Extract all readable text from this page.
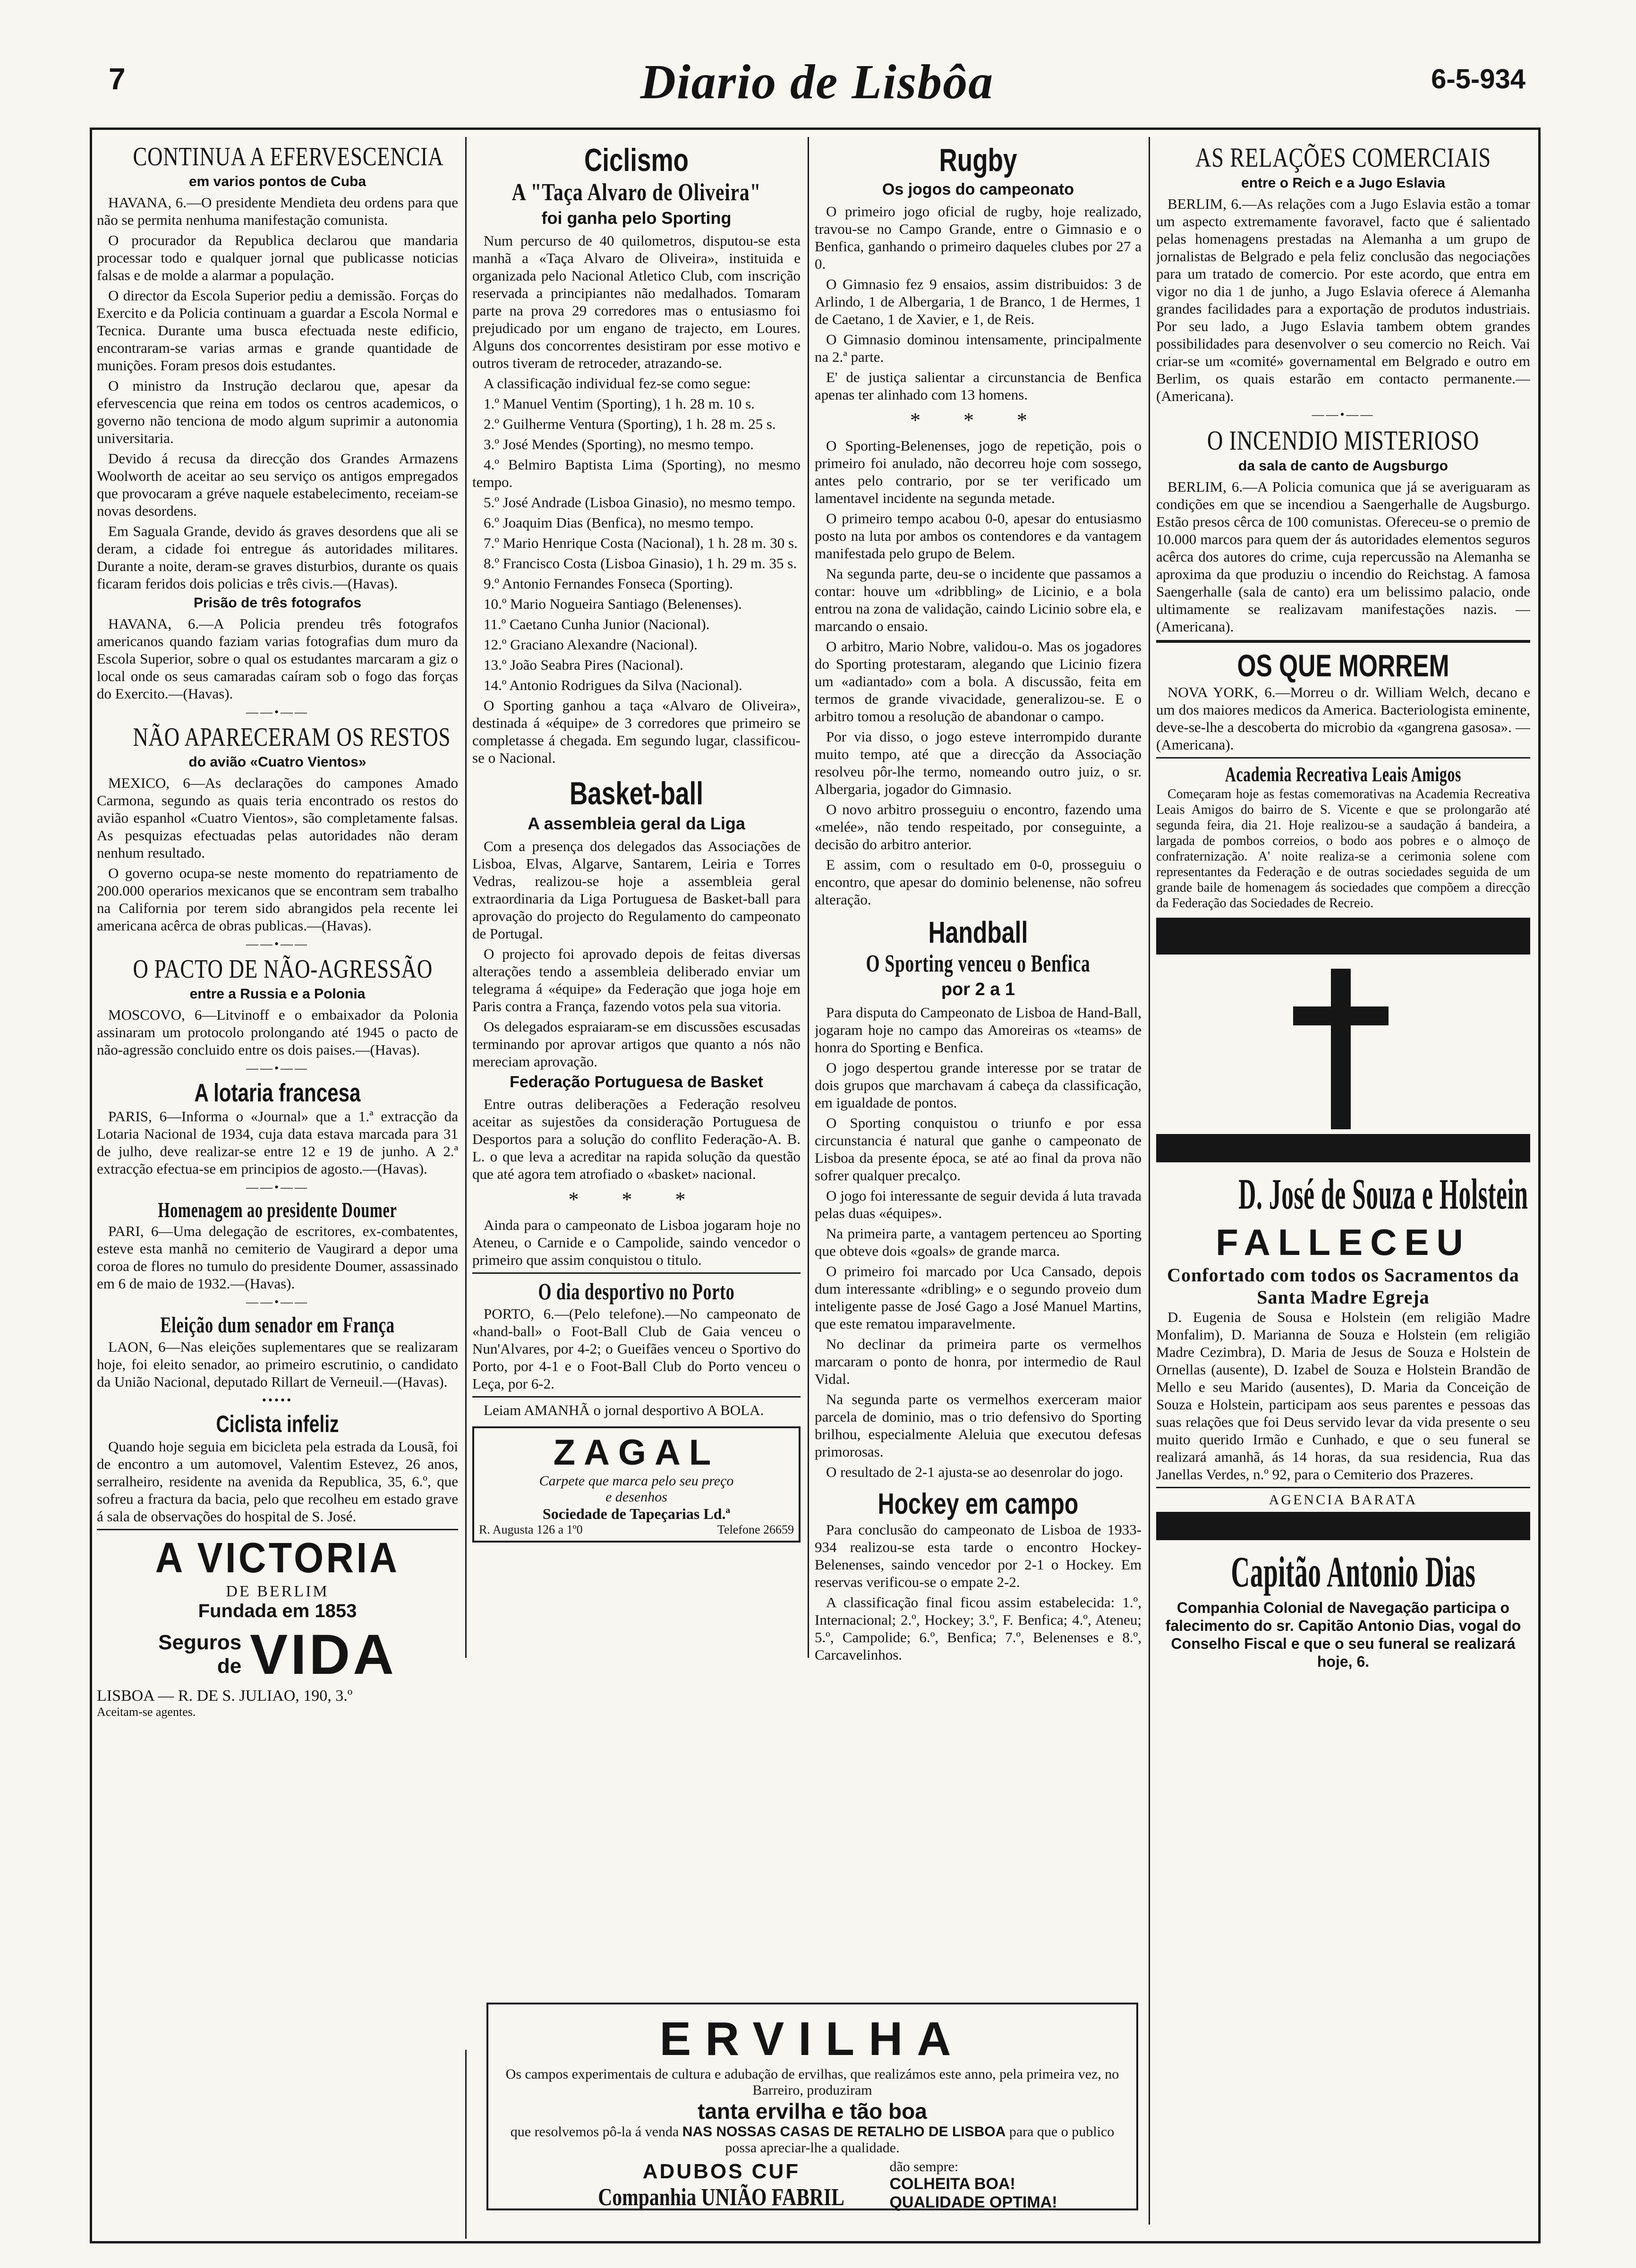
7	Diario de Lisbôa	6-5-934
CONTINUA A EFERVESCENCIA
em varios pontos de Cuba

HAVANA, 6.—O presidente Mendieta deu ordens para que não se permita nenhuma manifestação comunista.

O procurador da Republica declarou que mandaria processar todo e qualquer jornal que publicasse noticias falsas e de molde a alarmar a população.

O director da Escola Superior pediu a demissão. Forças do Exercito e da Policia continuam a guardar a Escola Normal e Tecnica. Durante uma busca efectuada neste edificio, encontraram-se varias armas e grande quantidade de munições. Foram presos dois estudantes.

O ministro da Instrução declarou que, apesar da efervescencia que reina em todos os centros academicos, o governo não tenciona de modo algum suprimir a autonomia universitaria.

Devido á recusa da direcção dos Grandes Armazens Woolworth de aceitar ao seu serviço os antigos empregados que provocaram a gréve naquele estabelecimento, receiam-se novas desordens.

Em Saguala Grande, devido ás graves desordens que ali se deram, a cidade foi entregue ás autoridades militares. Durante a noite, deram-se graves disturbios, durante os quais ficaram feridos dois policias e três civis.—(Havas).

Prisão de três fotografos

HAVANA, 6.—A Policia prendeu três fotografos americanos quando faziam varias fotografias dum muro da Escola Superior, sobre o qual os estudantes marcaram a giz o local onde os seus camaradas caíram sob o fogo das forças do Exercito.—(Havas).

——•——
NÃO APARECERAM OS RESTOS
do avião «Cuatro Vientos»

MEXICO, 6—As declarações do campones Amado Carmona, segundo as quais teria encontrado os restos do avião espanhol «Cuatro Vientos», são completamente falsas. As pesquizas efectuadas pelas autoridades não deram nenhum resultado.

O governo ocupa-se neste momento do repatriamento de 200.000 operarios mexicanos que se encontram sem trabalho na California por terem sido abrangidos pela recente lei americana acêrca de obras publicas.—(Havas).

——•——
O PACTO DE NÃO-AGRESSÃO
entre a Russia e a Polonia

MOSCOVO, 6—Litvinoff e o embaixador da Polonia assinaram um protocolo prolongando até 1945 o pacto de não-agressão concluido entre os dois paises.—(Havas).

——•——
A lotaria francesa

PARIS, 6—Informa o «Journal» que a 1.ª extracção da Lotaria Nacional de 1934, cuja data estava marcada para 31 de julho, deve realizar-se entre 12 e 19 de junho. A 2.ª extracção efectua-se em principios de agosto.—(Havas).

——•——
Homenagem ao presidente Doumer

PARI, 6—Uma delegação de escritores, ex-combatentes, esteve esta manhã no cemiterio de Vaugirard a depor uma coroa de flores no tumulo do presidente Doumer, assassinado em 6 de maio de 1932.—(Havas).

——•——
Eleição dum senador em França

LAON, 6—Nas eleições suplementares que se realizaram hoje, foi eleito senador, ao primeiro escrutinio, o candidato da União Nacional, deputado Rillart de Verneuil.—(Havas).

•••••
Ciclista infeliz

Quando hoje seguia em bicicleta pela estrada da Lousã, foi de encontro a um automovel, Valentim Estevez, 26 anos, serralheiro, residente na avenida da Republica, 35, 6.º, que sofreu a fractura da bacia, pelo que recolheu em estado grave á sala de observações do hospital de S. José.

A VICTORIA
DE BERLIM
Fundada em 1853
Seguros
de VIDA
LISBOA — R. DE S. JULIAO, 190, 3.º
Aceitam-se agentes.
Ciclismo
A "Taça Alvaro de Oliveira"
foi ganha pelo Sporting

Num percurso de 40 quilometros, disputou-se esta manhã a «Taça Alvaro de Oliveira», instituida e organizada pelo Nacional Atletico Club, com inscrição reservada a principiantes não medalhados. Tomaram parte na prova 29 corredores mas o entusiasmo foi prejudicado por um engano de trajecto, em Loures. Alguns dos concorrentes desistiram por esse motivo e outros tiveram de retroceder, atrazando-se.

A classificação individual fez-se como segue:

1.º Manuel Ventim (Sporting), 1 h. 28 m. 10 s.

2.º Guilherme Ventura (Sporting), 1 h. 28 m. 25 s.

3.º José Mendes (Sporting), no mesmo tempo.

4.º Belmiro Baptista Lima (Sporting), no mesmo tempo.

5.º José Andrade (Lisboa Ginasio), no mesmo tempo.

6.º Joaquim Dias (Benfica), no mesmo tempo.

7.º Mario Henrique Costa (Nacional), 1 h. 28 m. 30 s.

8.º Francisco Costa (Lisboa Ginasio), 1 h. 29 m. 35 s.

9.º Antonio Fernandes Fonseca (Sporting).

10.º Mario Nogueira Santiago (Belenenses).

11.º Caetano Cunha Junior (Nacional).

12.º Graciano Alexandre (Nacional).

13.º João Seabra Pires (Nacional).

14.º Antonio Rodrigues da Silva (Nacional).

O Sporting ganhou a taça «Alvaro de Oliveira», destinada á «équipe» de 3 corredores que primeiro se completasse á chegada. Em segundo lugar, classificou-se o Nacional.

Basket-ball
A assembleia geral da Liga

Com a presença dos delegados das Associações de Lisboa, Elvas, Algarve, Santarem, Leiria e Torres Vedras, realizou-se hoje a assembleia geral extraordinaria da Liga Portuguesa de Basket-ball para aprovação do projecto do Regulamento do campeonato de Portugal.

O projecto foi aprovado depois de feitas diversas alterações tendo a assembleia deliberado enviar um telegrama á «équipe» da Federação que joga hoje em Paris contra a França, fazendo votos pela sua vitoria.

Os delegados espraiaram-se em discussões escusadas terminando por aprovar artigos que quanto a nós não mereciam aprovação.

Federação Portuguesa de Basket

Entre outras deliberações a Federação resolveu aceitar as sujestões da consideração Portuguesa de Desportos para a solução do conflito Federação-A. B. L. o que leva a acreditar na rapida solução da questão que até agora tem atrofiado o «basket» nacional.

* * *

Ainda para o campeonato de Lisboa jogaram hoje no Ateneu, o Carnide e o Campolide, saindo vencedor o primeiro que assim conquistou o titulo.

O dia desportivo no Porto

PORTO, 6.—(Pelo telefone).—No campeonato de «hand-ball» o Foot-Ball Club de Gaia venceu o Nun'Alvares, por 4-2; o Gueifães venceu o Sportivo do Porto, por 4-1 e o Foot-Ball Club do Porto venceu o Leça, por 6-2.

Leiam AMANHÃ o jornal desportivo A BOLA.

ZAGAL
Carpete que marca pelo seu preço
e desenhos
Sociedade de Tapeçarias Ld.ª
R. Augusta 126 a 1º0	Telefone 26659
Rugby
Os jogos do campeonato

O primeiro jogo oficial de rugby, hoje realizado, travou-se no Campo Grande, entre o Gimnasio e o Benfica, ganhando o primeiro daqueles clubes por 27 a 0.

O Gimnasio fez 9 ensaios, assim distribuidos: 3 de Arlindo, 1 de Albergaria, 1 de Branco, 1 de Hermes, 1 de Caetano, 1 de Xavier, e 1, de Reis.

O Gimnasio dominou intensamente, principalmente na 2.ª parte.

E' de justiça salientar a circunstancia de Benfica apenas ter alinhado com 13 homens.

* * *

O Sporting-Belenenses, jogo de repetição, pois o primeiro foi anulado, não decorreu hoje com sossego, antes pelo contrario, por se ter verificado um lamentavel incidente na segunda metade.

O primeiro tempo acabou 0-0, apesar do entusiasmo posto na luta por ambos os contendores e da vantagem manifestada pelo grupo de Belem.

Na segunda parte, deu-se o incidente que passamos a contar: houve um «dribbling» de Licinio, e a bola entrou na zona de validação, caindo Licinio sobre ela, e marcando o ensaio.

O arbitro, Mario Nobre, validou-o. Mas os jogadores do Sporting protestaram, alegando que Licinio fizera um «adiantado» com a bola. A discussão, feita em termos de grande vivacidade, generalizou-se. E o arbitro tomou a resolução de abandonar o campo.

Por via disso, o jogo esteve interrompido durante muito tempo, até que a direcção da Associação resolveu pôr-lhe termo, nomeando outro juiz, o sr. Albergaria, jogador do Gimnasio.

O novo arbitro prosseguiu o encontro, fazendo uma «melée», não tendo respeitado, por conseguinte, a decisão do arbitro anterior.

E assim, com o resultado em 0-0, prosseguiu o encontro, que apesar do dominio belenense, não sofreu alteração.

Handball
O Sporting venceu o Benfica
por 2 a 1

Para disputa do Campeonato de Lisboa de Hand-Ball, jogaram hoje no campo das Amoreiras os «teams» de honra do Sporting e Benfica.

O jogo despertou grande interesse por se tratar de dois grupos que marchavam á cabeça da classificação, em igualdade de pontos.

O Sporting conquistou o triunfo e por essa circunstancia é natural que ganhe o campeonato de Lisboa da presente época, se até ao final da prova não sofrer qualquer precalço.

O jogo foi interessante de seguir devida á luta travada pelas duas «équipes».

Na primeira parte, a vantagem pertenceu ao Sporting que obteve dois «goals» de grande marca.

O primeiro foi marcado por Uca Cansado, depois dum interessante «dribling» e o segundo proveio dum inteligente passe de José Gago a José Manuel Martins, que este rematou imparavelmente.

No declinar da primeira parte os vermelhos marcaram o ponto de honra, por intermedio de Raul Vidal.

Na segunda parte os vermelhos exerceram maior parcela de dominio, mas o trio defensivo do Sporting brilhou, especialmente Aleluia que executou defesas primorosas.

O resultado de 2-1 ajusta-se ao desenrolar do jogo.

Hockey em campo

Para conclusão do campeonato de Lisboa de 1933-934 realizou-se esta tarde o encontro Hockey-Belenenses, saindo vencedor por 2-1 o Hockey. Em reservas verificou-se o empate 2-2.

A classificação final ficou assim estabelecida: 1.º, Internacional; 2.º, Hockey; 3.º, F. Benfica; 4.º, Ateneu; 5.º, Campolide; 6.º, Benfica; 7.º, Belenenses e 8.º, Carcavelinhos.

AS RELAÇÕES COMERCIAIS
entre o Reich e a Jugo Eslavia

BERLIM, 6.—As relações com a Jugo Eslavia estão a tomar um aspecto extremamente favoravel, facto que é salientado pelas homenagens prestadas na Alemanha a um grupo de jornalistas de Belgrado e pela feliz conclusão das negociações para um tratado de comercio. Por este acordo, que entra em vigor no dia 1 de junho, a Jugo Eslavia oferece á Alemanha grandes facilidades para a exportação de produtos industriais. Por seu lado, a Jugo Eslavia tambem obtem grandes possibilidades para desenvolver o seu comercio no Reich. Vai criar-se um «comité» governamental em Belgrado e outro em Berlim, os quais estarão em contacto permanente.—(Americana).

——•——
O INCENDIO MISTERIOSO
da sala de canto de Augsburgo

BERLIM, 6.—A Policia comunica que já se averiguaram as condições em que se incendiou a Saengerhalle de Augsburgo. Estão presos cêrca de 100 comunistas. Ofereceu-se o premio de 10.000 marcos para quem der ás autoridades elementos seguros acêrca dos autores do crime, cuja repercussão na Alemanha se aproxima da que produziu o incendio do Reichstag. A famosa Saengerhalle (sala de canto) era um belissimo palacio, onde ultimamente se realizavam manifestações nazis. — (Americana).

OS QUE MORREM

NOVA YORK, 6.—Morreu o dr. William Welch, decano e um dos maiores medicos da America. Bacteriologista eminente, deve-se-lhe a descoberta do microbio da «gangrena gasosa». — (Americana).

Academia Recreativa Leais Amigos

Começaram hoje as festas comemorativas na Academia Recreativa Leais Amigos do bairro de S. Vicente e que se prolongarão até segunda feira, dia 21. Hoje realizou-se a saudação á bandeira, a largada de pombos correios, o bodo aos pobres e o almoço de confraternização. A' noite realiza-se a cerimonia solene com representantes da Federação e de outras sociedades seguida de um grande baile de homenagem ás sociedades que compõem a direcção da Federação das Sociedades de Recreio.

D. José de Souza e Holstein
FALLECEU
Confortado com todos os Sacramentos da Santa Madre Egreja

D. Eugenia de Sousa e Holstein (em religião Madre Monfalim), D. Marianna de Souza e Holstein (em religião Madre Cezimbra), D. Maria de Jesus de Souza e Holstein de Ornellas (ausente), D. Izabel de Souza e Holstein Brandão de Mello e seu Marido (ausentes), D. Maria da Conceição de Souza e Holstein, participam aos seus parentes e pessoas das suas relações que foi Deus servido levar da vida presente o seu muito querido Irmão e Cunhado, e que o seu funeral se realizará amanhã, ás 14 horas, da sua residencia, Rua das Janellas Verdes, n.º 92, para o Cemiterio dos Prazeres.

AGENCIA BARATA
Capitão Antonio Dias

Companhia Colonial de Navegação participa o falecimento do sr. Capitão Antonio Dias, vogal do Conselho Fiscal e que o seu funeral se realizará hoje, 6.

ERVILHA
Os campos experimentais de cultura e adubação de ervilhas, que realizámos este anno, pela primeira vez, no Barreiro, produziram
tanta ervilha e tão boa
que resolvemos pô-la á venda NAS NOSSAS CASAS DE RETALHO DE LISBOA para que o publico possa apreciar-lhe a qualidade.
ADUBOS CUF
Companhia UNIÃO FABRIL
dão sempre:
COLHEITA BOA!
QUALIDADE OPTIMA!
